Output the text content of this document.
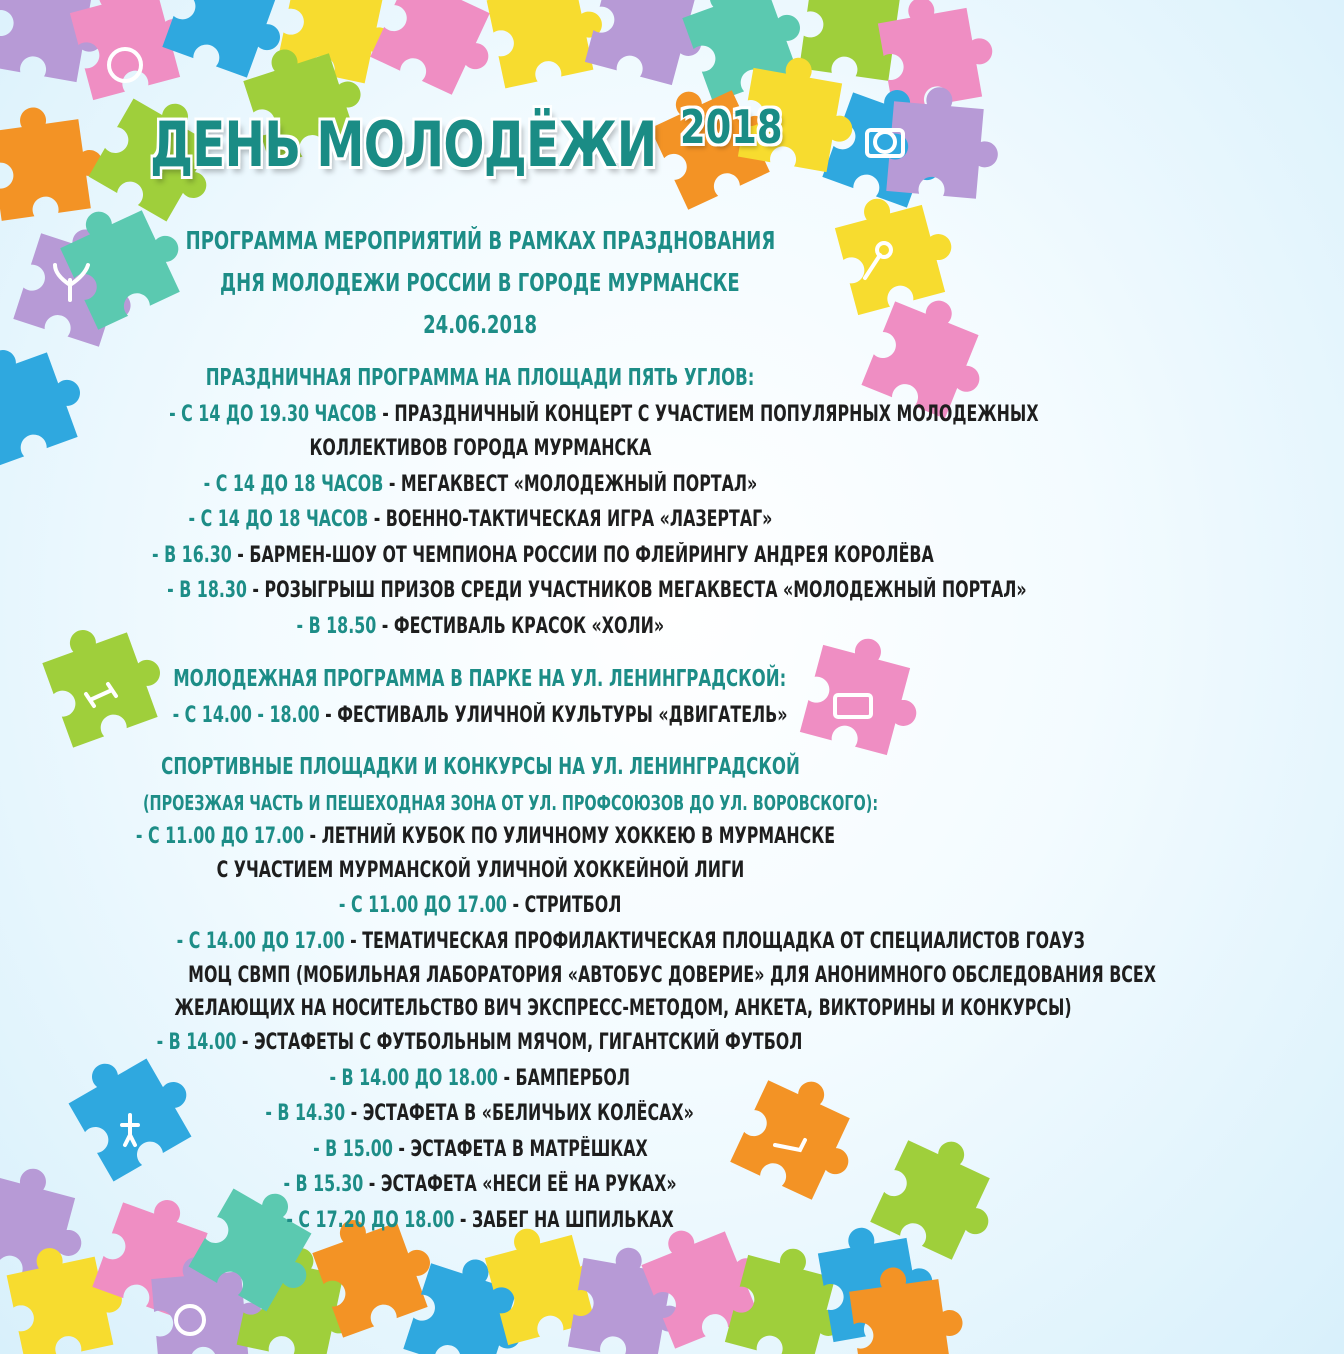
ДЕНЬ МОЛОДЁЖИ 2018
ПРОГРАММА МЕРОПРИЯТИЙ В РАМКАХ ПРАЗДНОВАНИЯ
ДНЯ МОЛОДЕЖИ РОССИИ В ГОРОДЕ МУРМАНСКЕ
24.06.2018
ПРАЗДНИЧНАЯ ПРОГРАММА НА ПЛОЩАДИ ПЯТЬ УГЛОВ:
- С 14 ДО 19.30 ЧАСОВ - ПРАЗДНИЧНЫЙ КОНЦЕРТ С УЧАСТИЕМ ПОПУЛЯРНЫХ МОЛОДЕЖНЫХ
КОЛЛЕКТИВОВ ГОРОДА МУРМАНСКА
- С 14 ДО 18 ЧАСОВ - МЕГАКВЕСТ «МОЛОДЕЖНЫЙ ПОРТАЛ»
- С 14 ДО 18 ЧАСОВ - ВОЕННО-ТАКТИЧЕСКАЯ ИГРА «ЛАЗЕРТАГ»
- В 16.30 - БАРМЕН-ШОУ ОТ ЧЕМПИОНА РОССИИ ПО ФЛЕЙРИНГУ АНДРЕЯ КОРОЛЁВА
- В 18.30 - РОЗЫГРЫШ ПРИЗОВ СРЕДИ УЧАСТНИКОВ МЕГАКВЕСТА «МОЛОДЕЖНЫЙ ПОРТАЛ»
- В 18.50 - ФЕСТИВАЛЬ КРАСОК «ХОЛИ»
МОЛОДЕЖНАЯ ПРОГРАММА В ПАРКЕ НА УЛ. ЛЕНИНГРАДСКОЙ:
- С 14.00 - 18.00 - ФЕСТИВАЛЬ УЛИЧНОЙ КУЛЬТУРЫ «ДВИГАТЕЛЬ»
СПОРТИВНЫЕ ПЛОЩАДКИ И КОНКУРСЫ НА УЛ. ЛЕНИНГРАДСКОЙ
(ПРОЕЗЖАЯ ЧАСТЬ И ПЕШЕХОДНАЯ ЗОНА ОТ УЛ. ПРОФСОЮЗОВ ДО УЛ. ВОРОВСКОГО):
- С 11.00 ДО 17.00 - ЛЕТНИЙ КУБОК ПО УЛИЧНОМУ ХОККЕЮ В МУРМАНСКЕ
С УЧАСТИЕМ МУРМАНСКОЙ УЛИЧНОЙ ХОККЕЙНОЙ ЛИГИ
- С 11.00 ДО 17.00 - СТРИТБОЛ
- С 14.00 ДО 17.00 - ТЕМАТИЧЕСКАЯ ПРОФИЛАКТИЧЕСКАЯ ПЛОЩАДКА ОТ СПЕЦИАЛИСТОВ ГОАУЗ
МОЦ СВМП (МОБИЛЬНАЯ ЛАБОРАТОРИЯ «АВТОБУС ДОВЕРИЕ» ДЛЯ АНОНИМНОГО ОБСЛЕДОВАНИЯ ВСЕХ
ЖЕЛАЮЩИХ НА НОСИТЕЛЬСТВО ВИЧ ЭКСПРЕСС-МЕТОДОМ, АНКЕТА, ВИКТОРИНЫ И КОНКУРСЫ)
- В 14.00 - ЭСТАФЕТЫ С ФУТБОЛЬНЫМ МЯЧОМ, ГИГАНТСКИЙ ФУТБОЛ
- В 14.00 ДО 18.00 - БАМПЕРБОЛ
- В 14.30 - ЭСТАФЕТА В «БЕЛИЧЬИХ КОЛЁСАХ»
- В 15.00 - ЭСТАФЕТА В МАТРЁШКАХ
- В 15.30 - ЭСТАФЕТА «НЕСИ ЕЁ НА РУКАХ»
- С 17.20 ДО 18.00 - ЗАБЕГ НА ШПИЛЬКАХ
